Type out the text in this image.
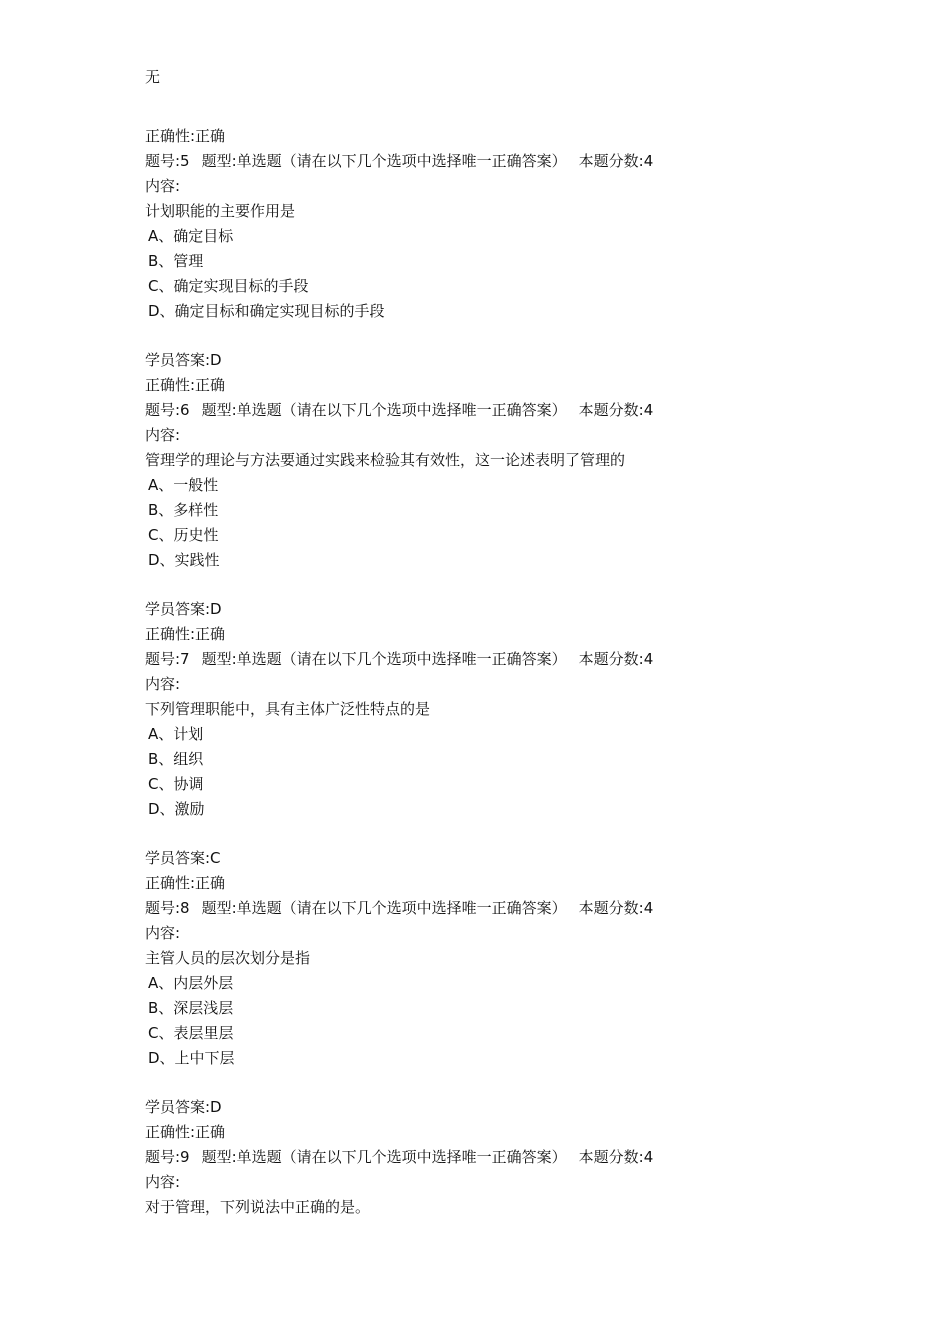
无
正确性:正确
题号:5 题型:单选题（请在以下几个选项中选择唯一正确答案） 本题分数:4
内容:
计划职能的主要作用是
A、确定目标
B、管理
C、确定实现目标的手段
D、确定目标和确定实现目标的手段
学员答案:D
正确性:正确
题号:6 题型:单选题（请在以下几个选项中选择唯一正确答案） 本题分数:4
内容:
管理学的理论与方法要通过实践来检验其有效性，这一论述表明了管理的
A、一般性
B、多样性
C、历史性
D、实践性
学员答案:D
正确性:正确
题号:7 题型:单选题（请在以下几个选项中选择唯一正确答案） 本题分数:4
内容:
下列管理职能中，具有主体广泛性特点的是
A、计划
B、组织
C、协调
D、激励
学员答案:C
正确性:正确
题号:8 题型:单选题（请在以下几个选项中选择唯一正确答案） 本题分数:4
内容:
主管人员的层次划分是指
A、内层外层
B、深层浅层
C、表层里层
D、上中下层
学员答案:D
正确性:正确
题号:9 题型:单选题（请在以下几个选项中选择唯一正确答案） 本题分数:4
内容:
对于管理，下列说法中正确的是。
